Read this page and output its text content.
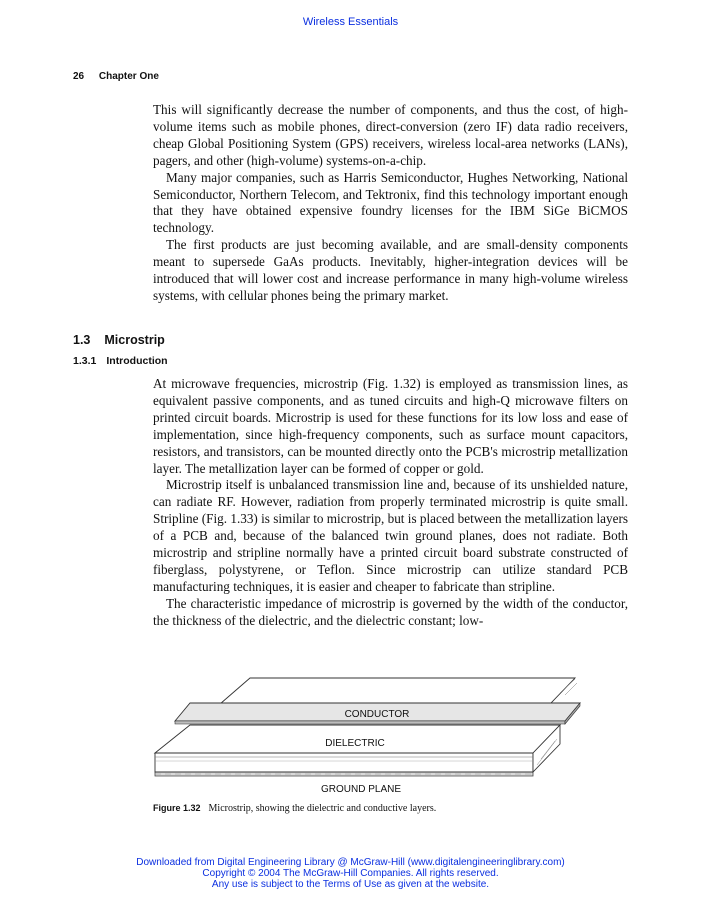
Wireless Essentials
26 Chapter One

This will significantly decrease the number of components, and thus the cost, of high-volume items such as mobile phones, direct-conversion (zero IF) data radio receivers, cheap Global Positioning System (GPS) receivers, wireless local-area networks (LANs), pagers, and other (high-volume) systems-on-a-chip.

Many major companies, such as Harris Semiconductor, Hughes Networking, National Semiconductor, Northern Telecom, and Tektronix, find this technology important enough that they have obtained expensive foundry licenses for the IBM SiGe BiCMOS technology.

The first products are just becoming available, and are small-density components meant to supersede GaAs products. Inevitably, higher-integration devices will be introduced that will lower cost and increase performance in many high-volume wireless systems, with cellular phones being the primary market.

1.3 Microstrip
1.3.1 Introduction

At microwave frequencies, microstrip (Fig. 1.32) is employed as transmission lines, as equivalent passive components, and as tuned circuits and high-Q microwave filters on printed circuit boards. Microstrip is used for these functions for its low loss and ease of implementation, since high-frequency components, such as surface mount capacitors, resistors, and transistors, can be mounted directly onto the PCB's microstrip metallization layer. The metallization layer can be formed of copper or gold.

Microstrip itself is unbalanced transmission line and, because of its unshielded nature, can radiate RF. However, radiation from properly terminated microstrip is quite small. Stripline (Fig. 1.33) is similar to microstrip, but is placed between the metallization layers of a PCB and, because of the balanced twin ground planes, does not radiate. Both microstrip and stripline normally have a printed circuit board substrate constructed of fiberglass, polystyrene, or Teflon. Since microstrip can utilize standard PCB manufacturing techniques, it is easier and cheaper to fabricate than stripline.

The characteristic impedance of microstrip is governed by the width of the conductor, the thickness of the dielectric, and the dielectric constant; low-

CONDUCTOR
DIELECTRIC
GROUND PLANE
Figure 1.32 Microstrip, showing the dielectric and conductive layers.
Downloaded from Digital Engineering Library @ McGraw-Hill (www.digitalengineeringlibrary.com)
Copyright © 2004 The McGraw-Hill Companies. All rights reserved.
Any use is subject to the Terms of Use as given at the website.
